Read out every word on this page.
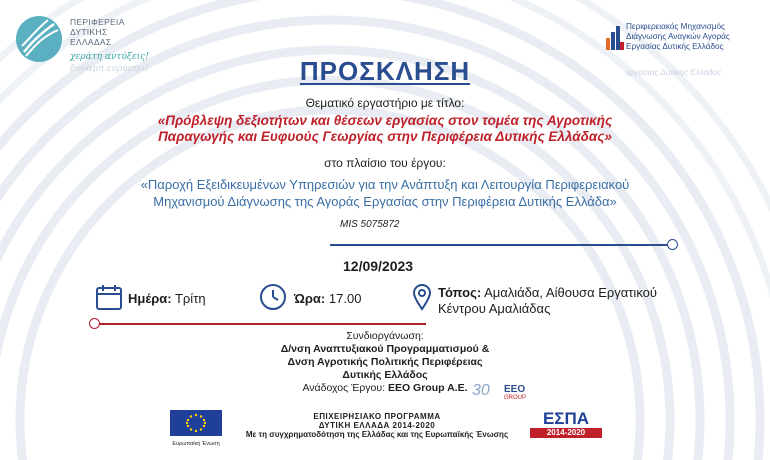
ΠΕΡΙΦΕΡΕΙΑ
ΔΥΤΙΚΗΣ
ΕΛΛΑΔΑΣ
χεράτη αντύξεις!
δύναμη ευρύπησ!
Περιφερειακός Μηχανισμός
Διάγνωσης Αναγκών Αγοράς
Εργασίας Δυτικής Ελλάδος
εργασιας Δυτικης Ελλαδος
ΠΡΟΣΚΛΗΣΗ
Θεματικό εργαστήριο με τίτλο:
«Πρόβλεψη δεξιοτήτων και θέσεων εργασίας στον τομέα της Αγροτικής
Παραγωγής και Ευφυούς Γεωργίας στην Περιφέρεια Δυτικής Ελλάδας»
στο πλαίσιο του έργου:
«Παροχή Εξειδικευμένων Υπηρεσιών για την Ανάπτυξη και Λειτουργία Περιφερειακού
Μηχανισμού Διάγνωσης της Αγοράς Εργασίας στην Περιφέρεια Δυτικής Ελλάδα»
MIS 5075872
12/09/2023
Ημέρα: Τρίτη	Ώρα: 17.00	Τόπος: Αμαλιάδα, Αίθουσα Εργατικού
Κέντρου Αμαλιάδας
Συνδιοργάνωση:
Δ/νση Αναπτυξιακού Προγραμματισμού &
Δνση Αγροτικής Πολιτικής Περιφέρειας
Δυτικής Ελλάδος
Ανάδοχος Έργου: EEO Group A.E. 30 EEO
GROUP
Ευρωπαϊκή Ένωση
ΕΠΙΧΕΙΡΗΣΙΑΚΟ ΠΡΟΓΡΑΜΜΑ
ΔΥΤΙΚΗ ΕΛΛΑΔΑ 2014-2020
Με τη συγχρηματοδότηση της Ελλάδας και της Ευρωπαϊκής Ένωσης
ΕΣΠΑ
2014-2020
